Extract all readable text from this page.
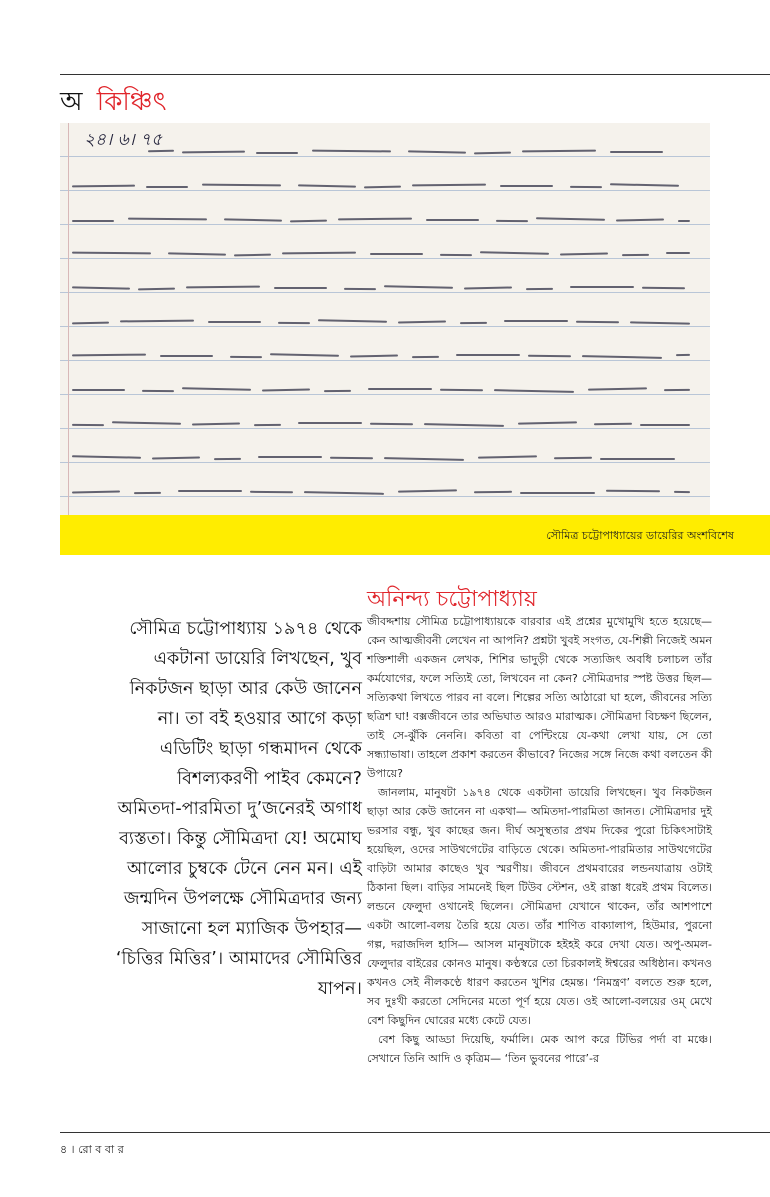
অ কিঞ্চিৎ
২৪। ৬। ৭৫
সৌমিত্র চট্টোপাধ্যায়ের ডায়েরির অংশবিশেষ
সৌমিত্র চট্টোপাধ্যায় ১৯৭৪ থেকে একটানা ডায়েরি লিখছেন, খুব নিকটজন ছাড়া আর কেউ জানেন না। তা বই হওয়ার আগে কড়া এডিটিং ছাড়া গন্ধমাদন থেকে বিশল্যকরণী পাইব কেমনে? অমিতদা-পারমিতা দু’জনেরই অগাধ ব্যস্ততা। কিন্তু সৌমিত্রদা যে! অমোঘ আলোর চুম্বকে টেনে নেন মন। এই জন্মদিন উপলক্ষে সৌমিত্রদার জন্য সাজানো হল ম্যাজিক উপহার— ‘চিত্তির মিত্তির’। আমাদের সৌমিত্তির যাপন।
অনিন্দ্য চট্টোপাধ্যায়

জীবদ্দশায় সৌমিত্র চট্টোপাধ্যায়কে বারবার এই প্রশ্নের মুখোমুখি হতে হয়েছে— কেন আত্মজীবনী লেখেন না আপনি? প্রশ্নটা খুবই সংগত, যে-শিল্পী নিজেই অমন শক্তিশালী একজন লেখক, শিশির ভাদুড়ী থেকে সত্যজিৎ অবধি চলাচল তাঁর কর্মযোগের, ফলে সত্যিই তো, লিখবেন না কেন? সৌমিত্রদার স্পষ্ট উত্তর ছিল— সত্যিকথা লিখতে পারব না বলে। শিল্পের সত্যি আঠারো ঘা হলে, জীবনের সত্যি ছত্রিশ ঘা! বক্সজীবনে তার অভিঘাত আরও মারাত্মক। সৌমিত্রদা বিচক্ষণ ছিলেন, তাই সে-ঝুঁকি নেননি। কবিতা বা পেন্টিংয়ে যে-কথা লেখা যায়, সে তো সন্ধ্যাভাষা। তাহলে প্রকাশ করতেন কীভাবে? নিজের সঙ্গে নিজে কথা বলতেন কী উপায়ে?

জানলাম, মানুষটা ১৯৭৪ থেকে একটানা ডায়েরি লিখছেন। খুব নিকটজন ছাড়া আর কেউ জানেন না একথা— অমিতদা-পারমিতা জানত। সৌমিত্রদার দুই ভরসার বন্ধু, খুব কাছের জন। দীর্ঘ অসুস্থতার প্রথম দিকের পুরো চিকিৎসাটাই হয়েছিল, ওদের সাউথগেটের বাড়িতে থেকে। অমিতদা-পারমিতার সাউথগেটের বাড়িটা আমার কাছেও খুব স্মরণীয়। জীবনে প্রথমবারের লন্ডনযাত্রায় ওটাই ঠিকানা ছিল। বাড়ির সামনেই ছিল টিউব স্টেশন, ওই রাস্তা ধরেই প্রথম বিলেত। লন্ডনে ফেলুদা ওখানেই ছিলেন। সৌমিত্রদা যেখানে থাকেন, তাঁর আশপাশে একটা আলো-বলয় তৈরি হয়ে যেত। তাঁর শাণিত বাক্যালাপ, হিউমার, পুরনো গল্প, দরাজদিল হাসি— আসল মানুষটাকে হইহই করে দেখা যেত। অপু-অমল-ফেলুদার বাইরের কোনও মানুষ। কণ্ঠস্বরে তো চিরকালই ঈশ্বরের অধিষ্ঠান। কখনও কখনও সেই নীলকণ্ঠে ধারণ করতেন খুশির হেমন্ত। ‘নিমন্ত্রণ’ বলতে শুরু হলে, সব দুঃখী করতো সেদিনের মতো পূর্ণ হয়ে যেত। ওই আলো-বলয়ের ওম্ মেখে বেশ কিছুদিন ঘোরের মধ্যে কেটে যেত।

বেশ কিছু আড্ডা দিয়েছি, ফর্মালি। মেক আপ করে টিভির পর্দা বা মঞ্চে। সেখানে তিনি আদি ও কৃত্রিম— ‘তিন ভুবনের পারে’-র

৪ । রো ব বা র
